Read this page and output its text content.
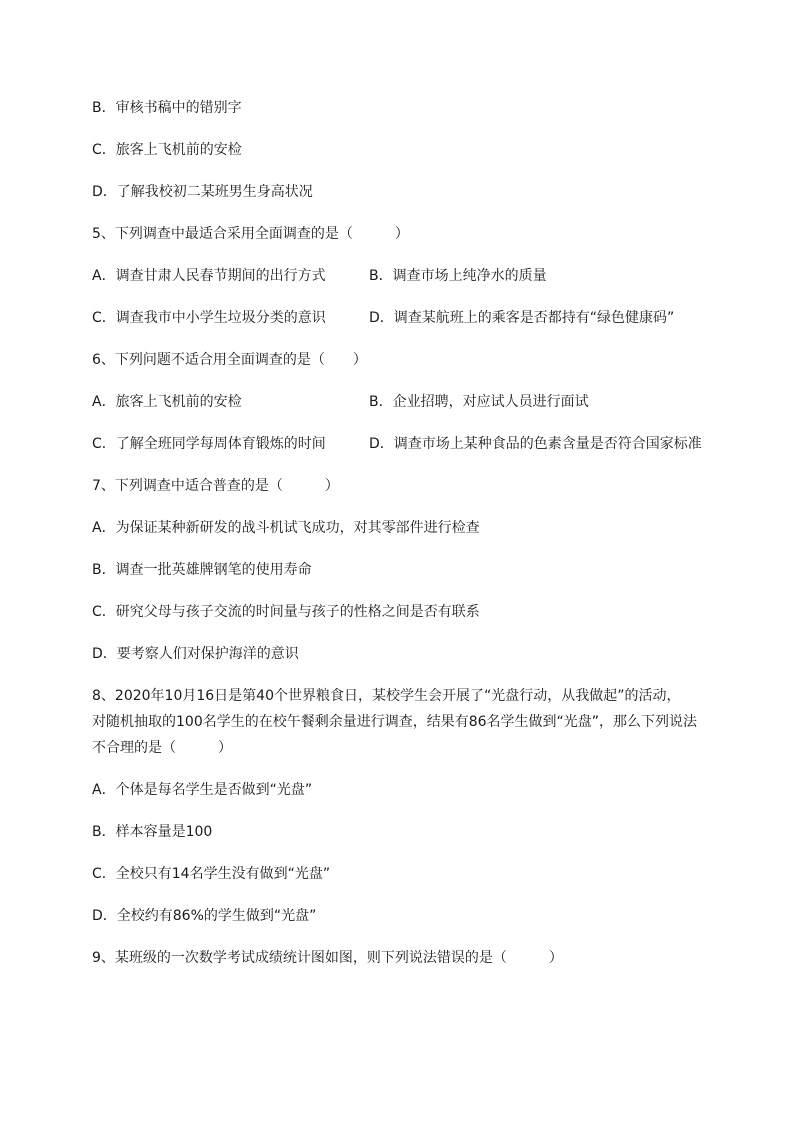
B．审核书稿中的错别字
C．旅客上飞机前的安检
D．了解我校初二某班男生身高状况
5、下列调查中最适合采用全面调查的是（　　　）
A．调查甘肃人民春节期间的出行方式	B．调查市场上纯净水的质量
C．调查我市中小学生垃圾分类的意识	D．调查某航班上的乘客是否都持有“绿色健康码”
6、下列问题不适合用全面调查的是（　　）
A．旅客上飞机前的安检	B．企业招聘，对应试人员进行面试
C．了解全班同学每周体育锻炼的时间	D．调查市场上某种食品的色素含量是否符合国家标准
7、下列调查中适合普查的是（　　　）
A．为保证某种新研发的战斗机试飞成功，对其零部件进行检查
B．调查一批英雄牌钢笔的使用寿命
C．研究父母与孩子交流的时间量与孩子的性格之间是否有联系
D．要考察人们对保护海洋的意识
8、2020年10月16日是第40个世界粮食日，某校学生会开展了“光盘行动，从我做起”的活动，
对随机抽取的100名学生的在校午餐剩余量进行调查，结果有86名学生做到“光盘”，那么下列说法
不合理的是（　　　）
A．个体是每名学生是否做到“光盘”
B．样本容量是100
C．全校只有14名学生没有做到“光盘”
D．全校约有86%的学生做到“光盘”
9、某班级的一次数学考试成绩统计图如图，则下列说法错误的是（　　　）
